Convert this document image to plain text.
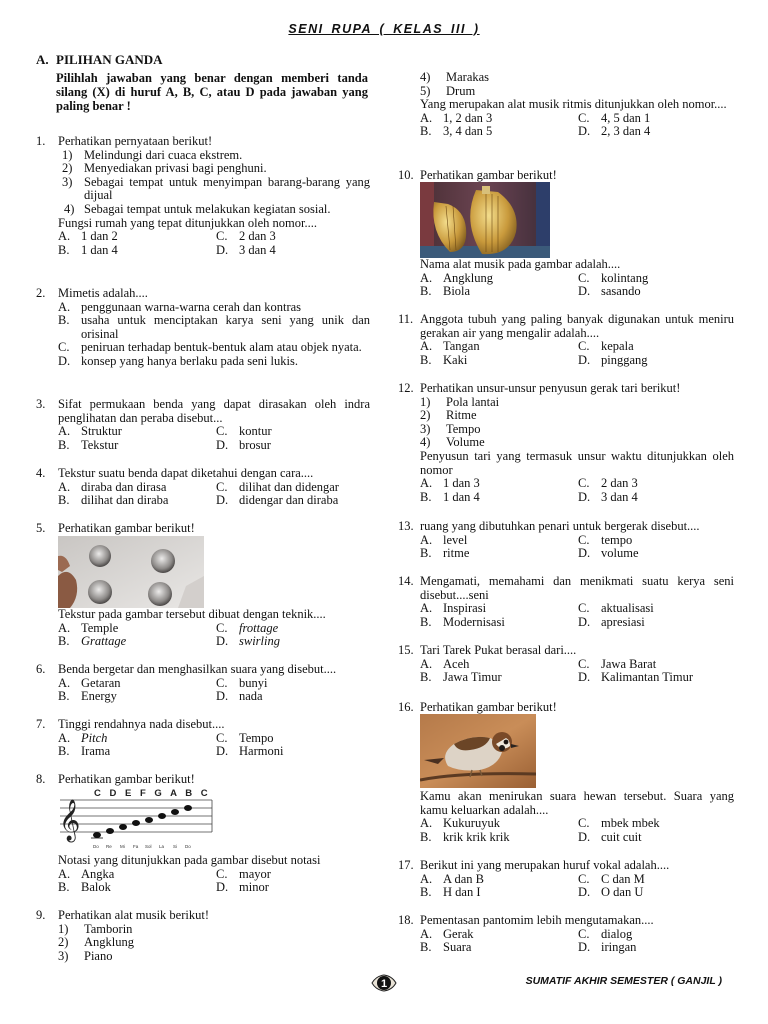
SENI RUPA ( KELAS III )
A. PILIHAN GANDA
Pilihlah jawaban yang benar dengan memberi tanda silang (X) di huruf A, B, C, atau D pada jawaban yang paling benar !
1. Perhatikan pernyataan berikut!
1) Melindungi dari cuaca ekstrem.
2) Menyediakan privasi bagi penghuni.
3) Sebagai tempat untuk menyimpan barang-barang yang dijual
4) Sebagai tempat untuk melakukan kegiatan sosial.
Fungsi rumah yang tepat ditunjukkan oleh nomor....
A. 1 dan 2	C. 2 dan 3
B. 1 dan 4	D. 3 dan 4
2. Mimetis adalah....
A. penggunaan warna-warna cerah dan kontras
B. usaha untuk menciptakan karya seni yang unik dan orisinal
C. peniruan terhadap bentuk-bentuk alam atau objek nyata.
D. konsep yang hanya berlaku pada seni lukis.
3. Sifat permukaan benda yang dapat dirasakan oleh indra penglihatan dan peraba disebut...
A. Struktur	C. kontur
B. Tekstur	D. brosur
4. Tekstur suatu benda dapat diketahui dengan cara....
A. diraba dan dirasa	C. dilihat dan didengar
B. dilihat dan diraba	D. didengar dan diraba
5. Perhatikan gambar berikut!
Tekstur pada gambar tersebut dibuat dengan teknik....
A. Temple	C. frottage
B. Grattage	D. swirling
6. Benda bergetar dan menghasilkan suara yang disebut....
A. Getaran	C. bunyi
B. Energy	D. nada
7. Tinggi rendahnya nada disebut....
A. Pitch	C. Tempo
B. Irama	D. Harmoni
8. Perhatikan gambar berikut!
C D E F G A B C
𝄞
Do Re Mi Fa Sol La Si Do
Notasi yang ditunjukkan pada gambar disebut notasi
A. Angka	C. mayor
B. Balok	D. minor
9. Perhatikan alat musik berikut!
1) Tamborin
2) Angklung
3) Piano
4) Marakas
5) Drum
Yang merupakan alat musik ritmis ditunjukkan oleh nomor....
A. 1, 2 dan 3	C. 4, 5 dan 1
B. 3, 4 dan 5	D. 2, 3 dan 4
10. Perhatikan gambar berikut!
Nama alat musik pada gambar adalah....
A. Angklung	C. kolintang
B. Biola	D. sasando
11. Anggota tubuh yang paling banyak digunakan untuk meniru gerakan air yang mengalir adalah....
A. Tangan	C. kepala
B. Kaki	D. pinggang
12. Perhatikan unsur-unsur penyusun gerak tari berikut!
1) Pola lantai
2) Ritme
3) Tempo
4) Volume
Penyusun tari yang termasuk unsur waktu ditunjukkan oleh nomor
A. 1 dan 3	C. 2 dan 3
B. 1 dan 4	D. 3 dan 4
13. ruang yang dibutuhkan penari untuk bergerak disebut....
A. level	C. tempo
B. ritme	D. volume
14. Mengamati, memahami dan menikmati suatu kerya seni disebut....seni
A. Inspirasi	C. aktualisasi
B. Modernisasi	D. apresiasi
15. Tari Tarek Pukat berasal dari....
A. Aceh	C. Jawa Barat
B. Jawa Timur	D. Kalimantan Timur
16. Perhatikan gambar berikut!
Kamu akan menirukan suara hewan tersebut. Suara yang kamu keluarkan adalah....
A. Kukuruyuk	C. mbek mbek
B. krik krik krik	D. cuit cuit
17. Berikut ini yang merupakan huruf vokal adalah....
A. A dan B	C. C dan M
B. H dan I	D. O dan U
18. Pementasan pantomim lebih mengutamakan....
A. Gerak	C. dialog
B. Suara	D. iringan
1	SUMATIF AKHIR SEMESTER ( GANJIL )
